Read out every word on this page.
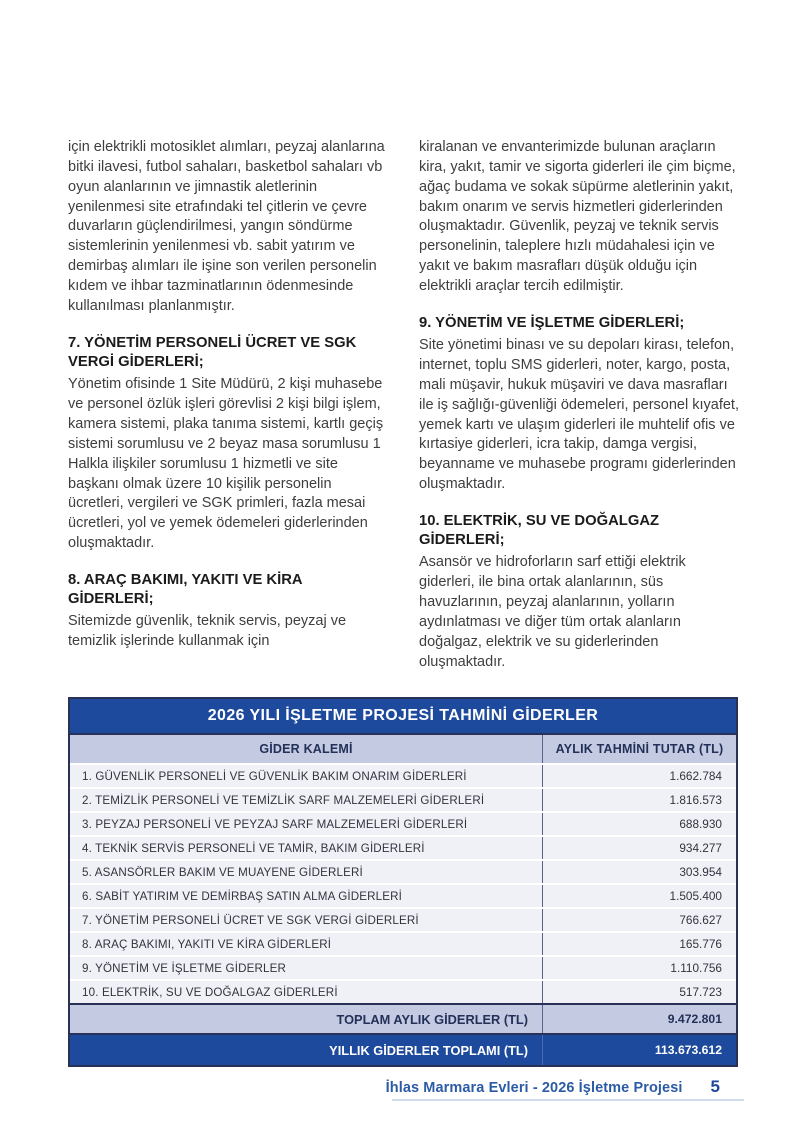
için elektrikli motosiklet alımları, peyzaj alanlarına bitki ilavesi, futbol sahaları, basketbol sahaları vb oyun alanlarının ve jimnastik aletlerinin yenilenmesi site etrafındaki tel çitlerin ve çevre duvarların güçlendirilmesi, yangın söndürme sistemlerinin yenilenmesi vb. sabit yatırım ve demirbaş alımları ile işine son verilen personelin kıdem ve ihbar tazminatlarının ödenmesinde kullanılması planlanmıştır.

7. YÖNETİM PERSONELİ ÜCRET VE SGK VERGİ GİDERLERİ;

Yönetim ofisinde 1 Site Müdürü, 2 kişi muhasebe ve personel özlük işleri görevlisi 2 kişi bilgi işlem, kamera sistemi, plaka tanıma sistemi, kartlı geçiş sistemi sorumlusu ve 2 beyaz masa sorumlusu 1 Halkla ilişkiler sorumlusu 1 hizmetli ve site başkanı olmak üzere 10 kişilik personelin ücretleri, vergileri ve SGK primleri, fazla mesai ücretleri, yol ve yemek ödemeleri giderlerinden oluşmaktadır.

8. ARAÇ BAKIMI, YAKITI VE KİRA GİDERLERİ;

Sitemizde güvenlik, teknik servis, peyzaj ve temizlik işlerinde kullanmak için

kiralanan ve envanterimizde bulunan araçların kira, yakıt, tamir ve sigorta giderleri ile çim biçme, ağaç budama ve sokak süpürme aletlerinin yakıt, bakım onarım ve servis hizmetleri giderlerinden oluşmaktadır. Güvenlik, peyzaj ve teknik servis personelinin, taleplere hızlı müdahalesi için ve yakıt ve bakım masrafları düşük olduğu için elektrikli araçlar tercih edilmiştir.

9. YÖNETİM VE İŞLETME GİDERLERİ;

Site yönetimi binası ve su depoları kirası, telefon, internet, toplu SMS giderleri, noter, kargo, posta, mali müşavir, hukuk müşaviri ve dava masrafları ile iş sağlığı-güvenliği ödemeleri, personel kıyafet, yemek kartı ve ulaşım giderleri ile muhtelif ofis ve kırtasiye giderleri, icra takip, damga vergisi, beyanname ve muhasebe programı giderlerinden oluşmaktadır.

10. ELEKTRİK, SU VE DOĞALGAZ GİDERLERİ;

Asansör ve hidroforların sarf ettiği elektrik giderleri, ile bina ortak alanlarının, süs havuzlarının, peyzaj alanlarının, yolların aydınlatması ve diğer tüm ortak alanların doğalgaz, elektrik ve su giderlerinden oluşmaktadır.

2026 YILI İŞLETME PROJESİ TAHMİNİ GİDERLER
GİDER KALEMİ	AYLIK TAHMİNİ TUTAR (TL)
1. GÜVENLİK PERSONELİ VE GÜVENLİK BAKIM ONARIM GİDERLERİ	1.662.784
2. TEMİZLİK PERSONELİ VE TEMİZLİK SARF MALZEMELERİ GİDERLERİ	1.816.573
3. PEYZAJ PERSONELİ VE PEYZAJ SARF MALZEMELERİ GİDERLERİ	688.930
4. TEKNİK SERVİS PERSONELİ VE TAMİR, BAKIM GİDERLERİ	934.277
5. ASANSÖRLER BAKIM VE MUAYENE GİDERLERİ	303.954
6. SABİT YATIRIM VE DEMİRBAŞ SATIN ALMA GİDERLERİ	1.505.400
7. YÖNETİM PERSONELİ ÜCRET VE SGK VERGİ GİDERLERİ	766.627
8. ARAÇ BAKIMI, YAKITI VE KİRA GİDERLERİ	165.776
9. YÖNETİM VE İŞLETME GİDERLER	1.110.756
10. ELEKTRİK, SU VE DOĞALGAZ GİDERLERİ	517.723
TOPLAM AYLIK GİDERLER (TL)	9.472.801
YILLIK GİDERLER TOPLAMI (TL)	113.673.612
İhlas Marmara Evleri - 2026 İşletme Projesi 5
